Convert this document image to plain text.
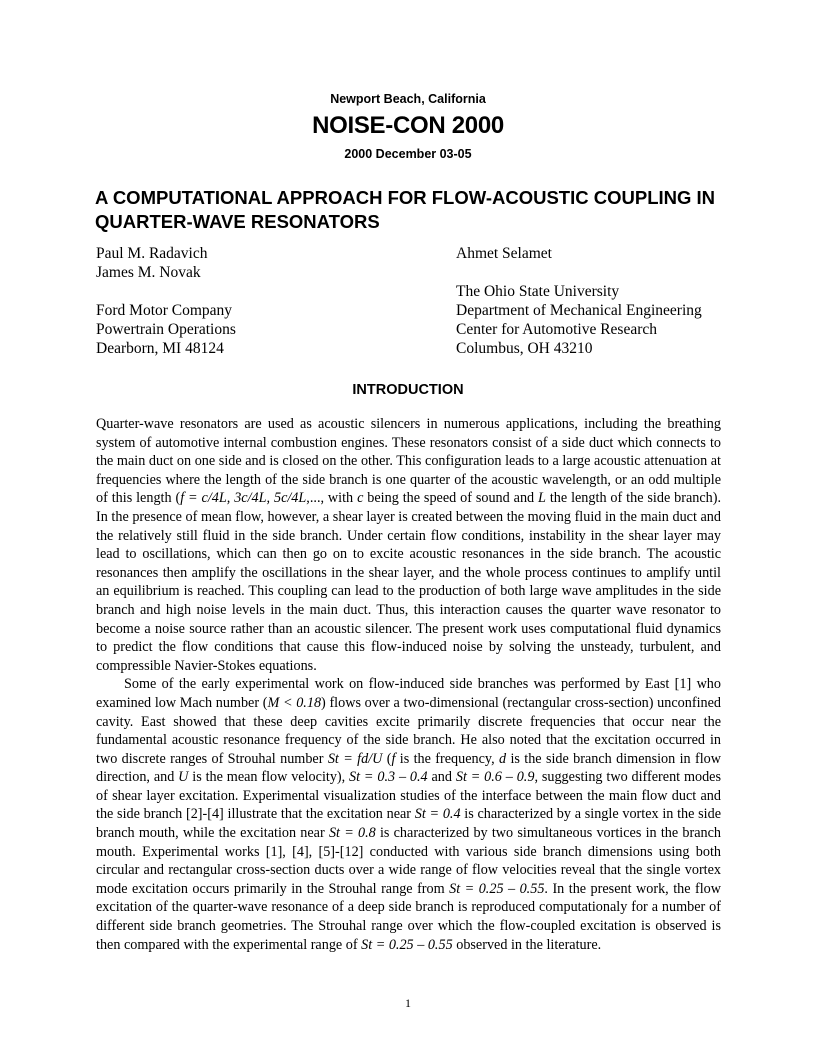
Newport Beach, California
NOISE-CON 2000
2000 December 03-05
A COMPUTATIONAL APPROACH FOR FLOW-ACOUSTIC COUPLING IN QUARTER-WAVE RESONATORS
Paul M. Radavich
James M. Novak
Ford Motor Company
Powertrain Operations
Dearborn, MI 48124
Ahmet Selamet
The Ohio State University
Department of Mechanical Engineering
Center for Automotive Research
Columbus, OH 43210
INTRODUCTION

Quarter-wave resonators are used as acoustic silencers in numerous applications, including the breathing system of automotive internal combustion engines. These resonators consist of a side duct which connects to the main duct on one side and is closed on the other. This configuration leads to a large acoustic attenuation at frequencies where the length of the side branch is one quarter of the acoustic wavelength, or an odd multiple of this length (f = c/4L, 3c/4L, 5c/4L,..., with c being the speed of sound and L the length of the side branch). In the presence of mean flow, however, a shear layer is created between the moving fluid in the main duct and the relatively still fluid in the side branch. Under certain flow conditions, instability in the shear layer may lead to oscillations, which can then go on to excite acoustic resonances in the side branch. The acoustic resonances then amplify the oscillations in the shear layer, and the whole process continues to amplify until an equilibrium is reached. This coupling can lead to the production of both large wave amplitudes in the side branch and high noise levels in the main duct. Thus, this interaction causes the quarter wave resonator to become a noise source rather than an acoustic silencer. The present work uses computational fluid dynamics to predict the flow conditions that cause this flow-induced noise by solving the unsteady, turbulent, and compressible Navier-Stokes equations.

Some of the early experimental work on flow-induced side branches was performed by East [1] who examined low Mach number (M < 0.18) flows over a two-dimensional (rectangular cross-section) unconfined cavity. East showed that these deep cavities excite primarily discrete frequencies that occur near the fundamental acoustic resonance frequency of the side branch. He also noted that the excitation occurred in two discrete ranges of Strouhal number St = fd/U (f is the frequency, d is the side branch dimension in flow direction, and U is the mean flow velocity), St = 0.3 – 0.4 and St = 0.6 – 0.9, suggesting two different modes of shear layer excitation. Experimental visualization studies of the interface between the main flow duct and the side branch [2]-[4] illustrate that the excitation near St = 0.4 is characterized by a single vortex in the side branch mouth, while the excitation near St = 0.8 is characterized by two simultaneous vortices in the branch mouth. Experimental works [1], [4], [5]-[12] conducted with various side branch dimensions using both circular and rectangular cross-section ducts over a wide range of flow velocities reveal that the single vortex mode excitation occurs primarily in the Strouhal range from St = 0.25 – 0.55. In the present work, the flow excitation of the quarter-wave resonance of a deep side branch is reproduced computationaly for a number of different side branch geometries. The Strouhal range over which the flow-coupled excitation is observed is then compared with the experimental range of St = 0.25 – 0.55 observed in the literature.

1
